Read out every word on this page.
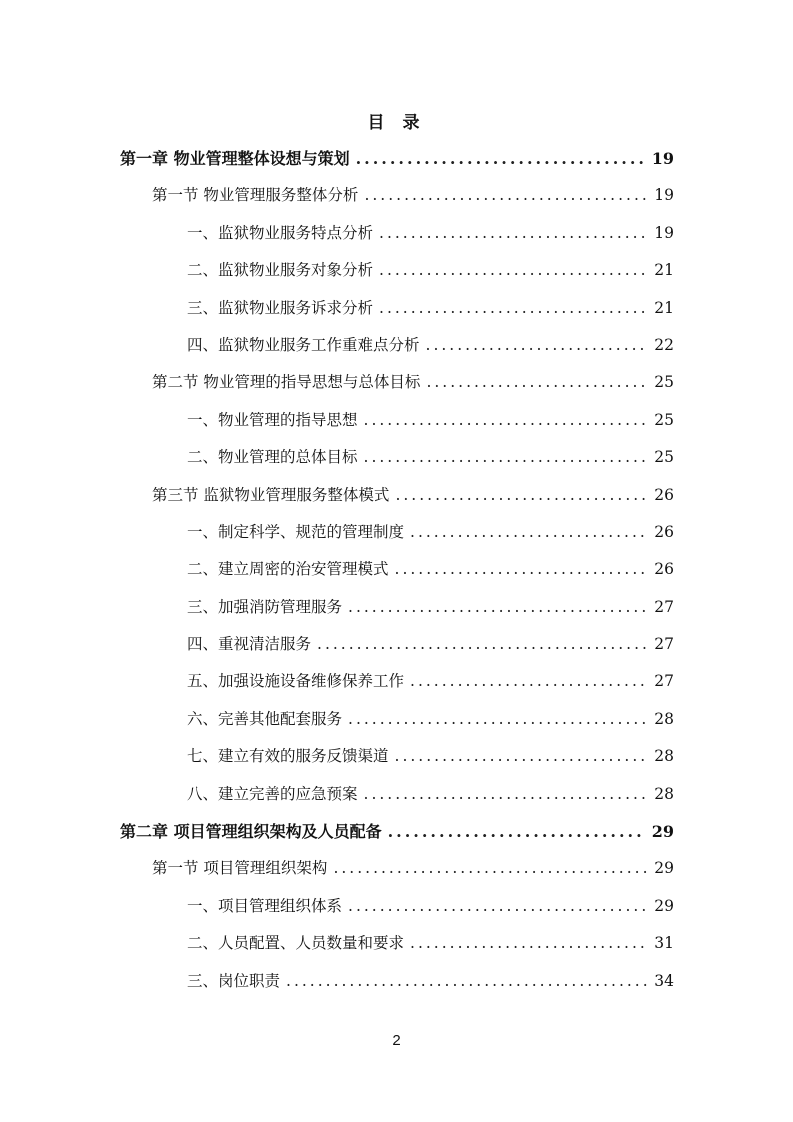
目 录
第一章 物业管理整体设想与策划 .....	19
第一节 物业管理服务整体分析 .....	19
一、监狱物业服务特点分析 .....	19
二、监狱物业服务对象分析 .....	21
三、监狱物业服务诉求分析 .....	21
四、监狱物业服务工作重难点分析 .....	22
第二节 物业管理的指导思想与总体目标 .....	25
一、物业管理的指导思想 .....	25
二、物业管理的总体目标 .....	25
第三节 监狱物业管理服务整体模式 .....	26
一、制定科学、规范的管理制度 .....	26
二、建立周密的治安管理模式 .....	26
三、加强消防管理服务 .....	27
四、重视清洁服务 .....	27
五、加强设施设备维修保养工作 .....	27
六、完善其他配套服务 .....	28
七、建立有效的服务反馈渠道 .....	28
八、建立完善的应急预案 .....	28
第二章 项目管理组织架构及人员配备 .....	29
第一节 项目管理组织架构 .....	29
一、项目管理组织体系 .....	29
二、人员配置、人员数量和要求 .....	31
三、岗位职责 .....	34
2
